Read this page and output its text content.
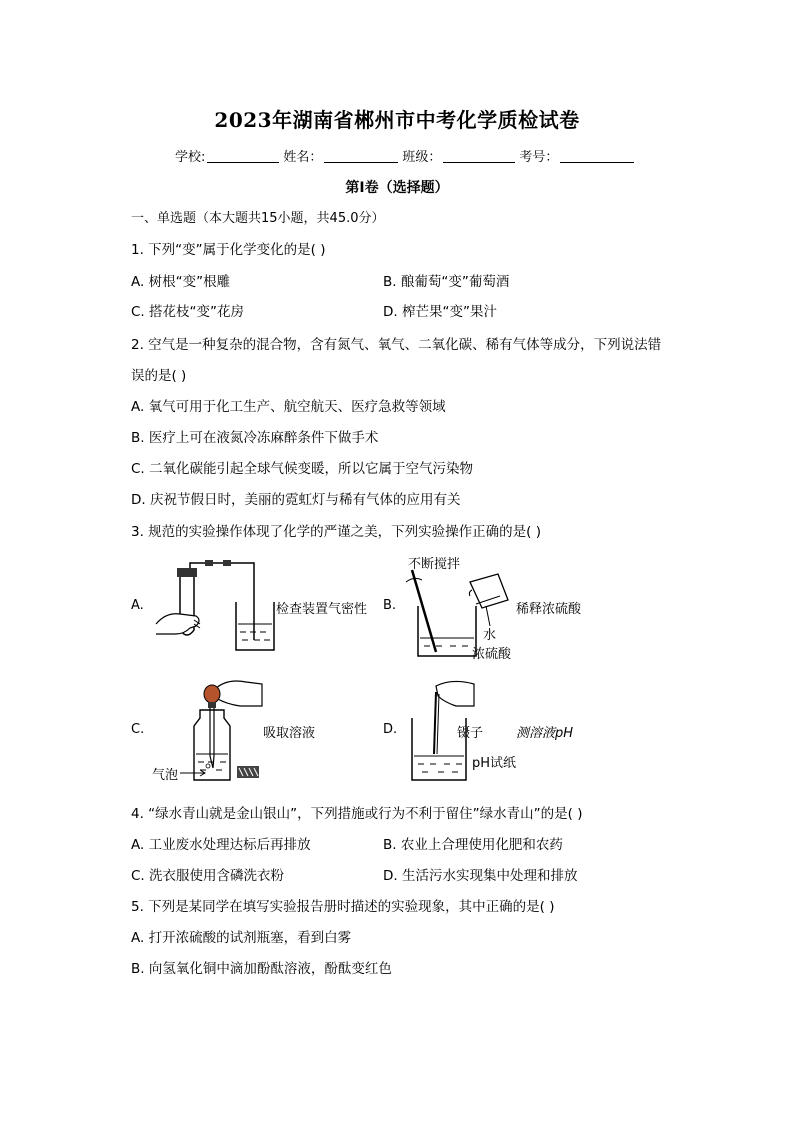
2023年湖南省郴州市中考化学质检试卷
学校:	姓名：	班级：	考号：
第Ⅰ卷（选择题）
一、单选题（本大题共15小题，共45.0分）
1. 下列“变”属于化学变化的是( )
A. 树根“变”根雕	B. 酿葡萄“变”葡萄酒
C. 搭花枝“变”花房	D. 榨芒果“变”果汁
2. 空气是一种复杂的混合物，含有氮气、氧气、二氧化碳、稀有气体等成分，下列说法错
误的是( )
A. 氧气可用于化工生产、航空航天、医疗急救等领域
B. 医疗上可在液氮冷冻麻醉条件下做手术
C. 二氧化碳能引起全球气候变暖，所以它属于空气污染物
D. 庆祝节假日时，美丽的霓虹灯与稀有气体的应用有关
3. 规范的实验操作体现了化学的严谨之美，下列实验操作正确的是( )
A.	检查装置气密性 B.
不断搅拌
稀释浓硫酸
水
浓硫酸
C.	吸取溶液
气泡
D.	镊子	测溶液pH
pH试纸
4. “绿水青山就是金山银山”，下列措施或行为不利于留住”绿水青山”的是( )
A. 工业废水处理达标后再排放	B. 农业上合理使用化肥和农药
C. 洗衣服使用含磷洗衣粉	D. 生活污水实现集中处理和排放
5. 下列是某同学在填写实验报告册时描述的实验现象，其中正确的是( )
A. 打开浓硫酸的试剂瓶塞，看到白雾
B. 向氢氧化铜中滴加酚酞溶液，酚酞变红色
